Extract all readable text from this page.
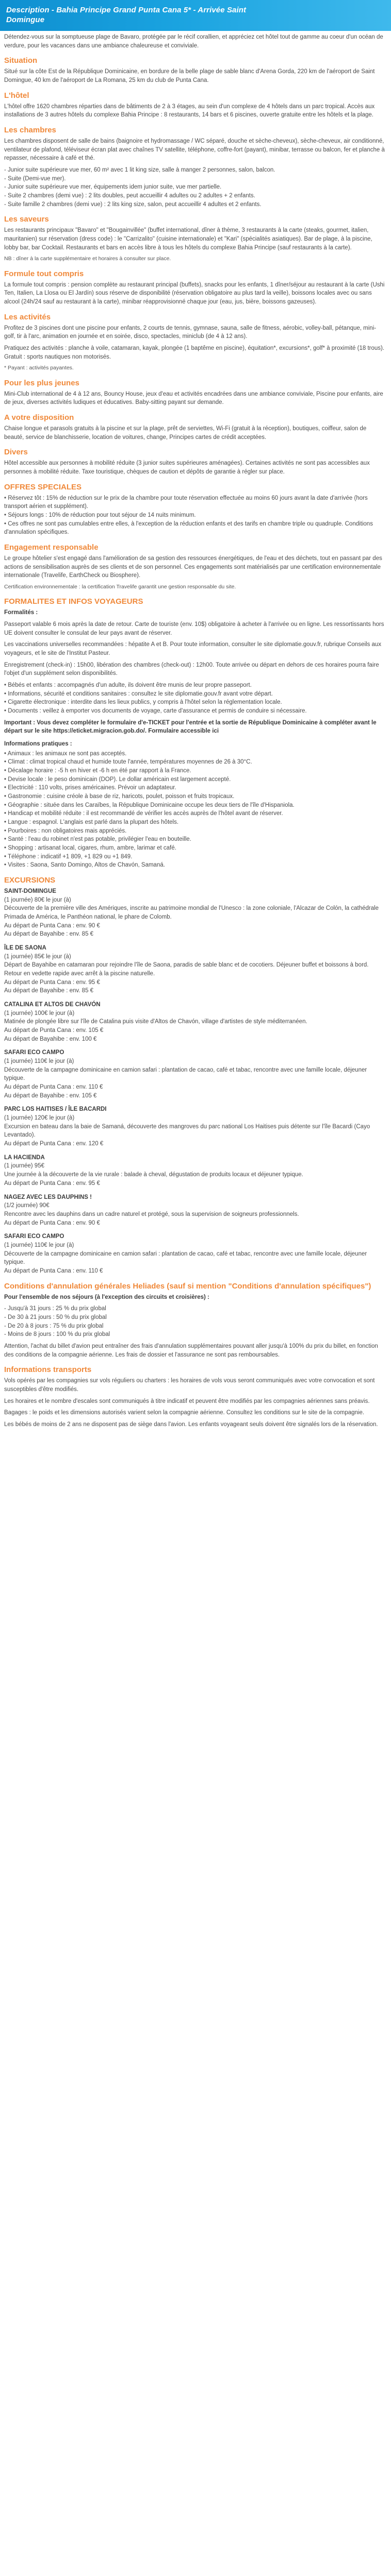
Description - Bahia Principe Grand Punta Cana 5* - Arrivée Saint
Domingue

Détendez-vous sur la somptueuse plage de Bavaro, protégée par le récif corallien, et appréciez cet hôtel tout de gamme au coeur d'un océan de verdure, pour les vacances dans une ambiance chaleureuse et conviviale.

Situation

Situé sur la côte Est de la République Dominicaine, en bordure de la belle plage de sable blanc d'Arena Gorda, 220 km de l'aéroport de Saint Domingue, 40 km de l'aéroport de La Romana, 25 km du club de Punta Cana.

L'hôtel

L'hôtel offre 1620 chambres réparties dans de bâtiments de 2 à 3 étages, au sein d'un complexe de 4 hôtels dans un parc tropical. Accès aux installations de 3 autres hôtels du complexe Bahia Principe : 8 restaurants, 14 bars et 6 piscines, ouverte gratuite entre les hôtels et la plage.

Les chambres

Les chambres disposent de salle de bains (baignoire et hydromassage / WC séparé, douche et sèche-cheveux), sèche-cheveux, air conditionné, ventilateur de plafond, téléviseur écran plat avec chaînes TV satellite, téléphone, coffre-fort (payant), minibar, terrasse ou balcon, fer et planche à repasser, nécessaire à café et thé.

- Junior suite supérieure vue mer, 60 m² avec 1 lit king size, salle à manger 2 personnes, salon, balcon.

- Suite (Demi-vue mer).

- Junior suite supérieure vue mer, équipements idem junior suite, vue mer partielle.

- Suite 2 chambres (demi vue) : 2 lits doubles, peut accueillir 4 adultes ou 2 adultes + 2 enfants.

- Suite famille 2 chambres (demi vue) : 2 lits king size, salon, peut accueillir 4 adultes et 2 enfants.

Les saveurs

Les restaurants principaux "Bavaro" et "Bougainvillée" (buffet international, dîner à thème, 3 restaurants à la carte (steaks, gourmet, italien, mauritanien) sur réservation (dress code) : le "Carrizalito" (cuisine internationale) et "Kari" (spécialités asiatiques). Bar de plage, à la piscine, lobby bar, bar Cocktail. Restaurants et bars en accès libre à tous les hôtels du complexe Bahia Principe (sauf restaurants à la carte).

NB : dîner à la carte supplémentaire et horaires à consulter sur place.

Formule tout compris

La formule tout compris : pension complète au restaurant principal (buffets), snacks pour les enfants, 1 dîner/séjour au restaurant à la carte (Ushi Ten, Italien, La Llosa ou El Jardín) sous réserve de disponibilité (réservation obligatoire au plus tard la veille), boissons locales avec ou sans alcool (24h/24 sauf au restaurant à la carte), minibar réapprovisionné chaque jour (eau, jus, bière, boissons gazeuses).

Les activités

Profitez de 3 piscines dont une piscine pour enfants, 2 courts de tennis, gymnase, sauna, salle de fitness, aérobic, volley-ball, pétanque, mini-golf, tir à l'arc, animation en journée et en soirée, disco, spectacles, miniclub (de 4 à 12 ans).

Pratiquez des activités : planche à voile, catamaran, kayak, plongée (1 baptême en piscine), équitation*, excursions*, golf* à proximité (18 trous). Gratuit : sports nautiques non motorisés.

* Payant : activités payantes.

Pour les plus jeunes

Mini-Club international de 4 à 12 ans, Bouncy House, jeux d'eau et activités encadrées dans une ambiance conviviale, Piscine pour enfants, aire de jeux, diverses activités ludiques et éducatives. Baby-sitting payant sur demande.

A votre disposition

Chaise longue et parasols gratuits à la piscine et sur la plage, prêt de serviettes, Wi-Fi (gratuit à la réception), boutiques, coiffeur, salon de beauté, service de blanchisserie, location de voitures, change, Principes cartes de crédit acceptées.

Divers

Hôtel accessible aux personnes à mobilité réduite (3 junior suites supérieures aménagées). Certaines activités ne sont pas accessibles aux personnes à mobilité réduite. Taxe touristique, chèques de caution et dépôts de garantie à régler sur place.

OFFRES SPECIALES

• Réservez tôt : 15% de réduction sur le prix de la chambre pour toute réservation effectuée au moins 60 jours avant la date d'arrivée (hors transport aérien et supplément).

• Séjours longs : 10% de réduction pour tout séjour de 14 nuits minimum.

• Ces offres ne sont pas cumulables entre elles, à l'exception de la réduction enfants et des tarifs en chambre triple ou quadruple. Conditions d'annulation spécifiques.

Engagement responsable

Le groupe hôtelier s'est engagé dans l'amélioration de sa gestion des ressources énergétiques, de l'eau et des déchets, tout en passant par des actions de sensibilisation auprès de ses clients et de son personnel. Ces engagements sont matérialisés par une certification environnementale internationale (Travelife, EarthCheck ou Biosphere).

Certification environnementale : la certification Travelife garantit une gestion responsable du site.

FORMALITES ET INFOS VOYAGEURS

Formalités :

Passeport valable 6 mois après la date de retour. Carte de touriste (env. 10$) obligatoire à acheter à l'arrivée ou en ligne. Les ressortissants hors UE doivent consulter le consulat de leur pays avant de réserver.

Les vaccinations universelles recommandées : hépatite A et B. Pour toute information, consulter le site diplomatie.gouv.fr, rubrique Conseils aux voyageurs, et le site de l'Institut Pasteur.

Enregistrement (check-in) : 15h00, libération des chambres (check-out) : 12h00. Toute arrivée ou départ en dehors de ces horaires pourra faire l'objet d'un supplément selon disponibilités.

• Bébés et enfants : accompagnés d'un adulte, ils doivent être munis de leur propre passeport.

• Informations, sécurité et conditions sanitaires : consultez le site diplomatie.gouv.fr avant votre départ.

• Cigarette électronique : interdite dans les lieux publics, y compris à l'hôtel selon la réglementation locale.

• Documents : veillez à emporter vos documents de voyage, carte d'assurance et permis de conduire si nécessaire.

Important : Vous devez compléter le formulaire d'e-TICKET pour l'entrée et la sortie de République Dominicaine à compléter avant le départ sur le site https://eticket.migracion.gob.do/. Formulaire accessible ici

Informations pratiques :

• Animaux : les animaux ne sont pas acceptés.

• Climat : climat tropical chaud et humide toute l'année, températures moyennes de 26 à 30°C.

• Décalage horaire : -5 h en hiver et -6 h en été par rapport à la France.

• Devise locale : le peso dominicain (DOP). Le dollar américain est largement accepté.

• Electricité : 110 volts, prises américaines. Prévoir un adaptateur.

• Gastronomie : cuisine créole à base de riz, haricots, poulet, poisson et fruits tropicaux.

• Géographie : située dans les Caraïbes, la République Dominicaine occupe les deux tiers de l'île d'Hispaniola.

• Handicap et mobilité réduite : il est recommandé de vérifier les accès auprès de l'hôtel avant de réserver.

• Langue : espagnol. L'anglais est parlé dans la plupart des hôtels.

• Pourboires : non obligatoires mais appréciés.

• Santé : l'eau du robinet n'est pas potable, privilégier l'eau en bouteille.

• Shopping : artisanat local, cigares, rhum, ambre, larimar et café.

• Téléphone : indicatif +1 809, +1 829 ou +1 849.

• Visites : Saona, Santo Domingo, Altos de Chavón, Samaná.

EXCURSIONS

SAINT-DOMINGUE

(1 journée) 80€ le jour (à)

Découverte de la première ville des Amériques, inscrite au patrimoine mondial de l'Unesco : la zone coloniale, l'Alcazar de Colón, la cathédrale Primada de América, le Panthéon national, le phare de Colomb.

Au départ de Punta Cana : env. 90 €

Au départ de Bayahibe : env. 85 €

ÎLE DE SAONA

(1 journée) 85€ le jour (à)

Départ de Bayahibe en catamaran pour rejoindre l'île de Saona, paradis de sable blanc et de cocotiers. Déjeuner buffet et boissons à bord. Retour en vedette rapide avec arrêt à la piscine naturelle.

Au départ de Punta Cana : env. 95 €

Au départ de Bayahibe : env. 85 €

CATALINA ET ALTOS DE CHAVÓN

(1 journée) 100€ le jour (à)

Matinée de plongée libre sur l'île de Catalina puis visite d'Altos de Chavón, village d'artistes de style méditerranéen.

Au départ de Punta Cana : env. 105 €

Au départ de Bayahibe : env. 100 €

SAFARI ECO CAMPO

(1 journée) 110€ le jour (à)

Découverte de la campagne dominicaine en camion safari : plantation de cacao, café et tabac, rencontre avec une famille locale, déjeuner typique.

Au départ de Punta Cana : env. 110 €

Au départ de Bayahibe : env. 105 €

PARC LOS HAITISES / ÎLE BACARDI

(1 journée) 120€ le jour (à)

Excursion en bateau dans la baie de Samaná, découverte des mangroves du parc national Los Haitises puis détente sur l'île Bacardi (Cayo Levantado).

Au départ de Punta Cana : env. 120 €

LA HACIENDA

(1 journée) 95€

Une journée à la découverte de la vie rurale : balade à cheval, dégustation de produits locaux et déjeuner typique.

Au départ de Punta Cana : env. 95 €

NAGEZ AVEC LES DAUPHINS !

(1/2 journée) 90€

Rencontre avec les dauphins dans un cadre naturel et protégé, sous la supervision de soigneurs professionnels.

Au départ de Punta Cana : env. 90 €

SAFARI ECO CAMPO

(1 journée) 110€ le jour (à)

Découverte de la campagne dominicaine en camion safari : plantation de cacao, café et tabac, rencontre avec une famille locale, déjeuner typique.

Au départ de Punta Cana : env. 110 €

Conditions d'annulation générales Heliades (sauf si mention "Conditions d'annulation spécifiques")

Pour l'ensemble de nos séjours (à l'exception des circuits et croisières) :

- Jusqu'à 31 jours : 25 % du prix global

- De 30 à 21 jours : 50 % du prix global

- De 20 à 8 jours : 75 % du prix global

- Moins de 8 jours : 100 % du prix global

Attention, l'achat du billet d'avion peut entraîner des frais d'annulation supplémentaires pouvant aller jusqu'à 100% du prix du billet, en fonction des conditions de la compagnie aérienne. Les frais de dossier et l'assurance ne sont pas remboursables.

Informations transports

Vols opérés par les compagnies sur vols réguliers ou charters : les horaires de vols vous seront communiqués avec votre convocation et sont susceptibles d'être modifiés.

Les horaires et le nombre d'escales sont communiqués à titre indicatif et peuvent être modifiés par les compagnies aériennes sans préavis.

Bagages : le poids et les dimensions autorisés varient selon la compagnie aérienne. Consultez les conditions sur le site de la compagnie.

Les bébés de moins de 2 ans ne disposent pas de siège dans l'avion. Les enfants voyageant seuls doivent être signalés lors de la réservation.
